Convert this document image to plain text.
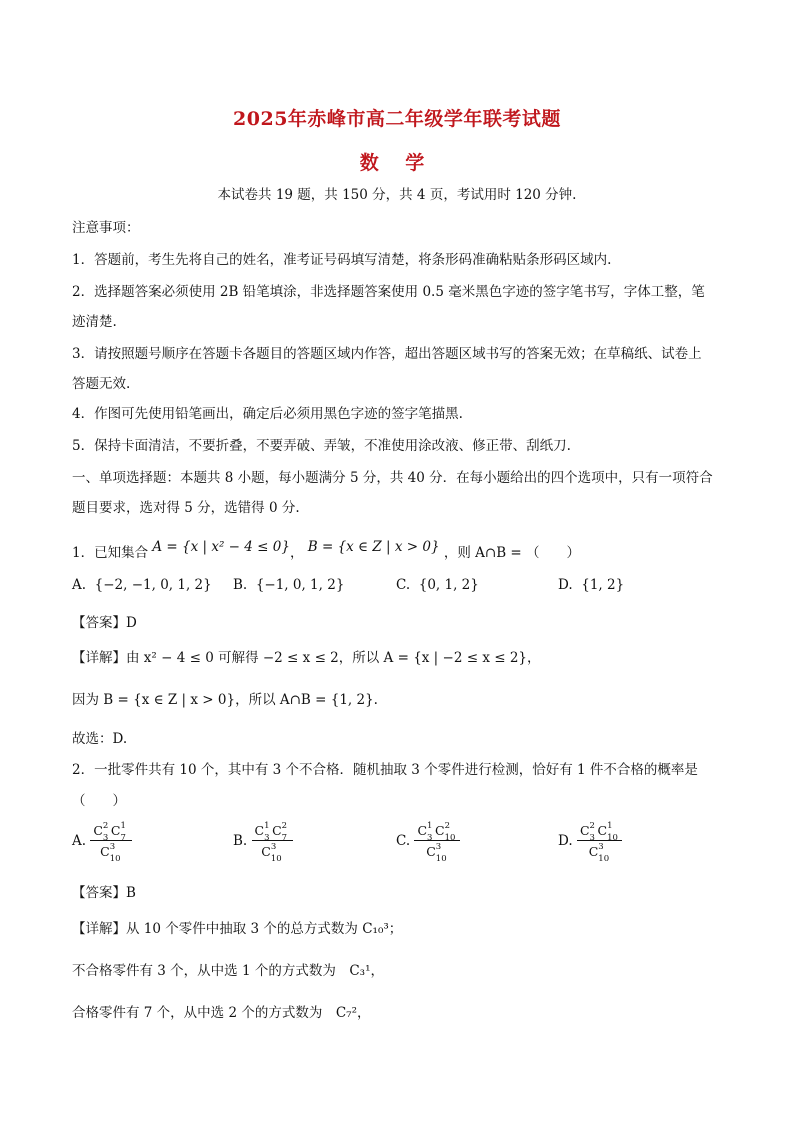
2025年赤峰市高二年级学年联考试题
数 学
本试卷共 19 题，共 150 分，共 4 页，考试用时 120 分钟.
注意事项：
1．答题前，考生先将自己的姓名，准考证号码填写清楚，将条形码准确粘贴条形码区域内.
2．选择题答案必须使用 2B 铅笔填涂，非选择题答案使用 0.5 毫米黑色字迹的签字笔书写，字体工整，笔
迹清楚.
3．请按照题号顺序在答题卡各题目的答题区域内作答，超出答题区域书写的答案无效；在草稿纸、试卷上
答题无效.
4．作图可先使用铅笔画出，确定后必须用黑色字迹的签字笔描黑.
5．保持卡面清洁，不要折叠，不要弄破、弄皱，不准使用涂改液、修正带、刮纸刀.
一、单项选择题：本题共 8 小题，每小题满分 5 分，共 40 分．在每小题给出的四个选项中，只有一项符合
题目要求，选对得 5 分，选错得 0 分.
1．已知集合 A = {x | x² − 4 ≤ 0}， B = {x ∈ Z | x > 0} ，则 A∩B = （　　）
A. {−2, −1, 0, 1, 2} B. {−1, 0, 1, 2}	C. {0, 1, 2}	D. {1, 2}
【答案】D
【详解】由 x² − 4 ≤ 0 可解得 −2 ≤ x ≤ 2，所以 A = {x | −2 ≤ x ≤ 2}，
因为 B = {x ∈ Z | x > 0}，所以 A∩B = {1, 2}.
故选：D.
2．一批零件共有 10 个，其中有 3 个不合格．随机抽取 3 个零件进行检测，恰好有 1 件不合格的概率是
（　　）
A. C 2
3 C 1
7
C 3
10	B. C 1
3 C 2
7
C 3
10	C. C 1
3 C 2
10
C 3
10	D. C 2
3 C 1
10
C 3
10
【答案】B
【详解】从 10 个零件中抽取 3 个的总方式数为 C₁₀³；
不合格零件有 3 个，从中选 1 个的方式数为　C₃¹，
合格零件有 7 个，从中选 2 个的方式数为　C₇²，
